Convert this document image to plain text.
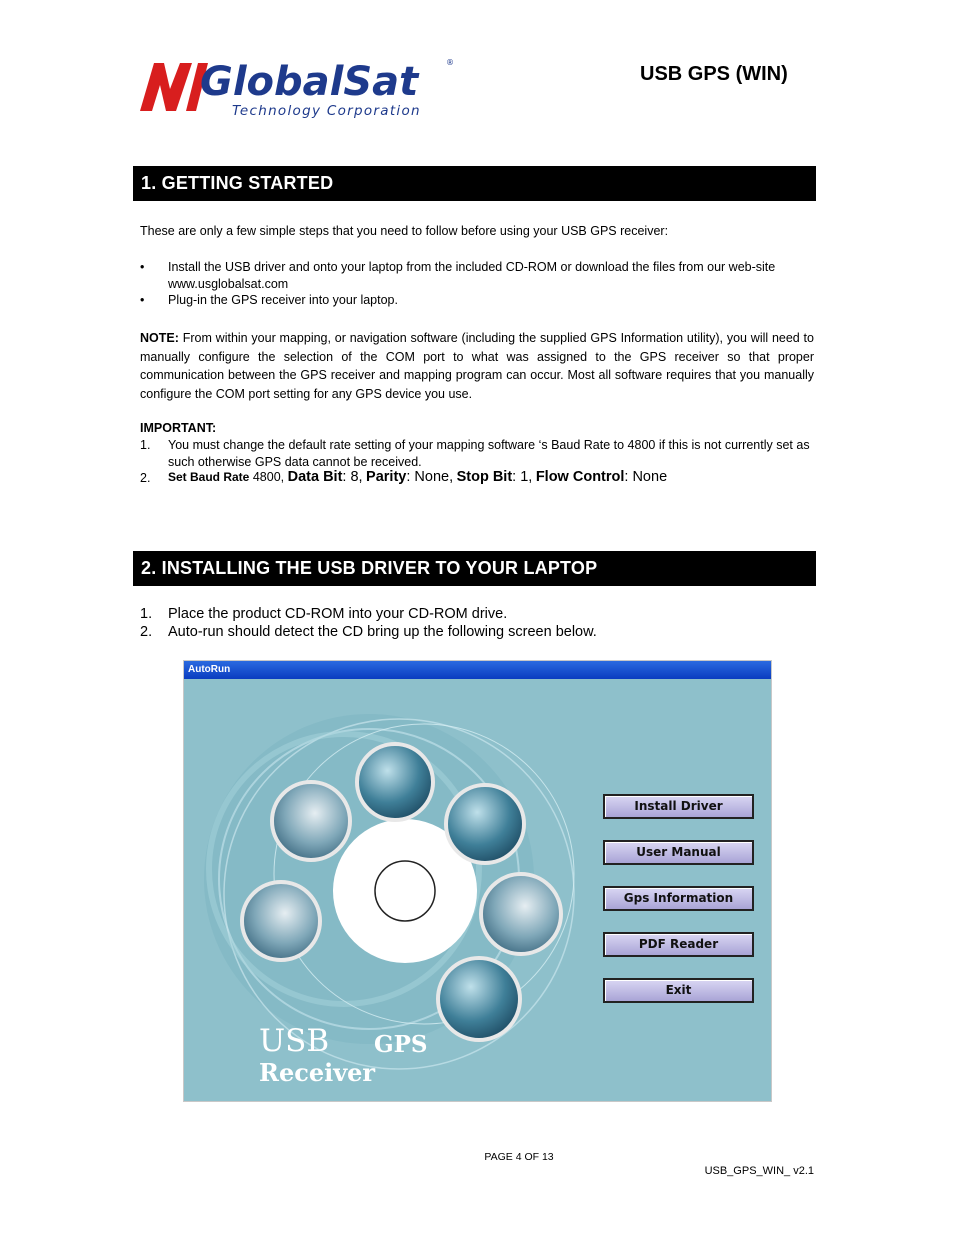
GlobalSat
Technology Corporation
®
USB GPS (WIN)
1. GETTING STARTED
These are only a few simple steps that you need to follow before using your USB GPS receiver:
• Install the USB driver and onto your laptop from the included CD-ROM or download the files from our web-site www.usglobalsat.com
• Plug-in the GPS receiver into your laptop.
NOTE: From within your mapping, or navigation software (including the supplied GPS Information utility), you will need to manually configure the selection of the COM port to what was assigned to the GPS receiver so that proper communication between the GPS receiver and mapping program can occur. Most all software requires that you manually configure the COM port setting for any GPS device you use.
IMPORTANT:
1. You must change the default rate setting of your mapping software ‘s Baud Rate to 4800 if this is not currently set as such otherwise GPS data cannot be received.
2. Set Baud Rate 4800, Data Bit: 8, Parity: None, Stop Bit: 1, Flow Control: None
2. INSTALLING THE USB DRIVER TO YOUR LAPTOP
1. Place the product CD-ROM into your CD-ROM drive.
2. Auto-run should detect the CD bring up the following screen below.
AutoRun
Install Driver
User Manual
Gps Information
PDF Reader
Exit
USB GPS
Receiver
PAGE 4 OF 13
USB_GPS_WIN_ v2.1
